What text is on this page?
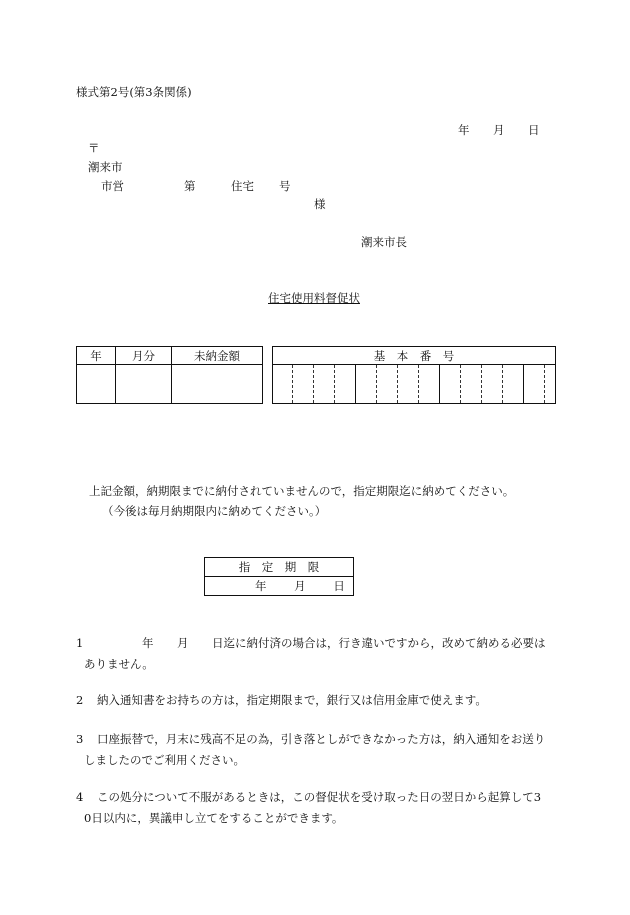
様式第2号(第3条関係)
年 月 日
〒
潮来市
市営	第	住宅 号
様
潮来市長
住宅使用料督促状
年	月分	未納金額
			基　本　番　号

上記金額，納期限までに納付されていませんので，指定期限迄に納めてください。
（今後は毎月納期限内に納めてください。）
指　定　期　限
年 月 日
1	年 月 日迄に納付済の場合は，行き違いですから，改めて納める必要は
ありません。
2 納入通知書をお持ちの方は，指定期限まで，銀行又は信用金庫で使えます。
3 口座振替で，月末に残高不足の為，引き落としができなかった方は，納入通知をお送り
しましたのでご利用ください。
4 この処分について不服があるときは，この督促状を受け取った日の翌日から起算して3
0日以内に，異議申し立てをすることができます。
